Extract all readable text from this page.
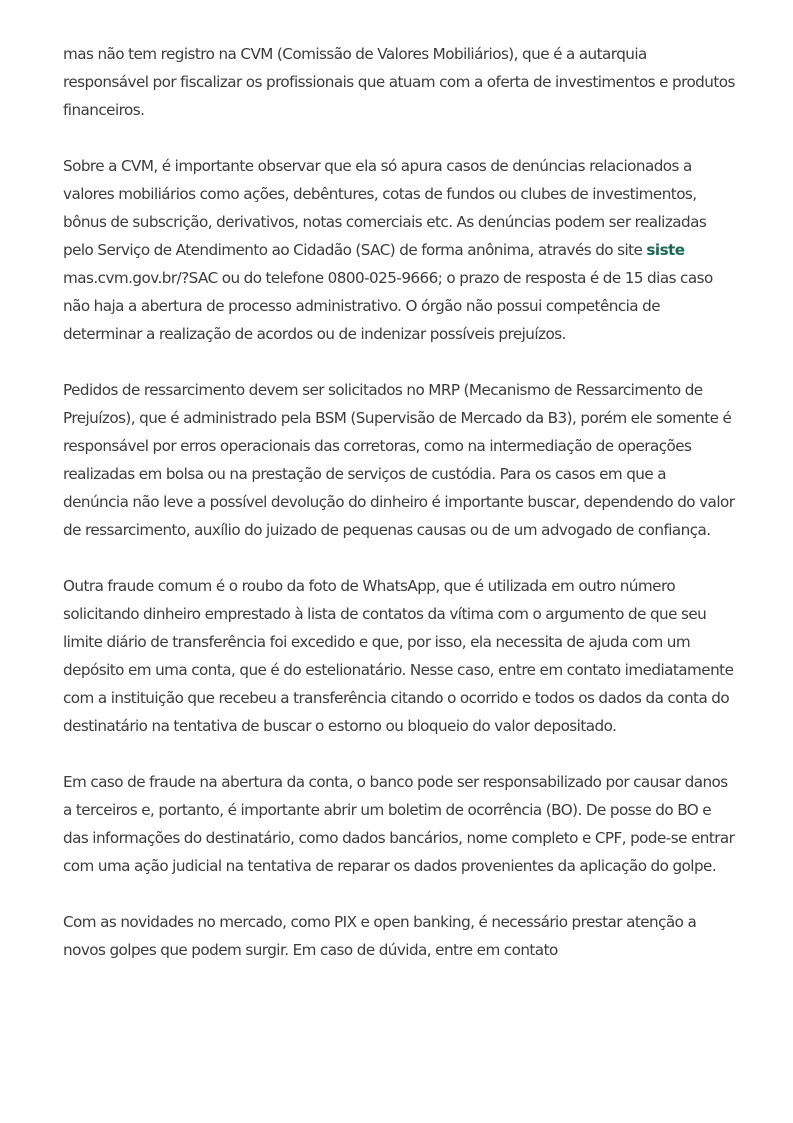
mas não tem registro na CVM (Comissão de Valores Mobiliários), que é a autarquia responsável por fiscalizar os profissionais que atuam com a oferta de investimentos e produtos financeiros.

Sobre a CVM, é importante observar que ela só apura casos de denúncias relacionados a valores mobiliários como ações, debêntures, cotas de fundos ou clubes de investimentos, bônus de subscrição, derivativos, notas comerciais etc. As denúncias podem ser realizadas pelo Serviço de Atendimento ao Cidadão (SAC) de forma anônima, através do site siste mas.cvm.gov.br/?SAC ou do telefone 0800-025-9666; o prazo de resposta é de 15 dias caso não haja a abertura de processo administrativo. O órgão não possui competência de determinar a realização de acordos ou de indenizar possíveis prejuízos.

Pedidos de ressarcimento devem ser solicitados no MRP (Mecanismo de Ressarcimento de Prejuízos), que é administrado pela BSM (Supervisão de Mercado da B3), porém ele somente é responsável por erros operacionais das corretoras, como na intermediação de operações realizadas em bolsa ou na prestação de serviços de custódia. Para os casos em que a denúncia não leve a possível devolução do dinheiro é importante buscar, dependendo do valor de ressarcimento, auxílio do juizado de pequenas causas ou de um advogado de confiança.

Outra fraude comum é o roubo da foto de WhatsApp, que é utilizada em outro número solicitando dinheiro emprestado à lista de contatos da vítima com o argumento de que seu limite diário de transferência foi excedido e que, por isso, ela necessita de ajuda com um depósito em uma conta, que é do estelionatário. Nesse caso, entre em contato imediatamente com a instituição que recebeu a transferência citando o ocorrido e todos os dados da conta do destinatário na tentativa de buscar o estorno ou bloqueio do valor depositado.

Em caso de fraude na abertura da conta, o banco pode ser responsabilizado por causar danos a terceiros e, portanto, é importante abrir um boletim de ocorrência (BO). De posse do BO e das informações do destinatário, como dados bancários, nome completo e CPF, pode-se entrar com uma ação judicial na tentativa de reparar os dados provenientes da aplicação do golpe.

Com as novidades no mercado, como PIX e open banking, é necessário prestar atenção a novos golpes que podem surgir. Em caso de dúvida, entre em contato
